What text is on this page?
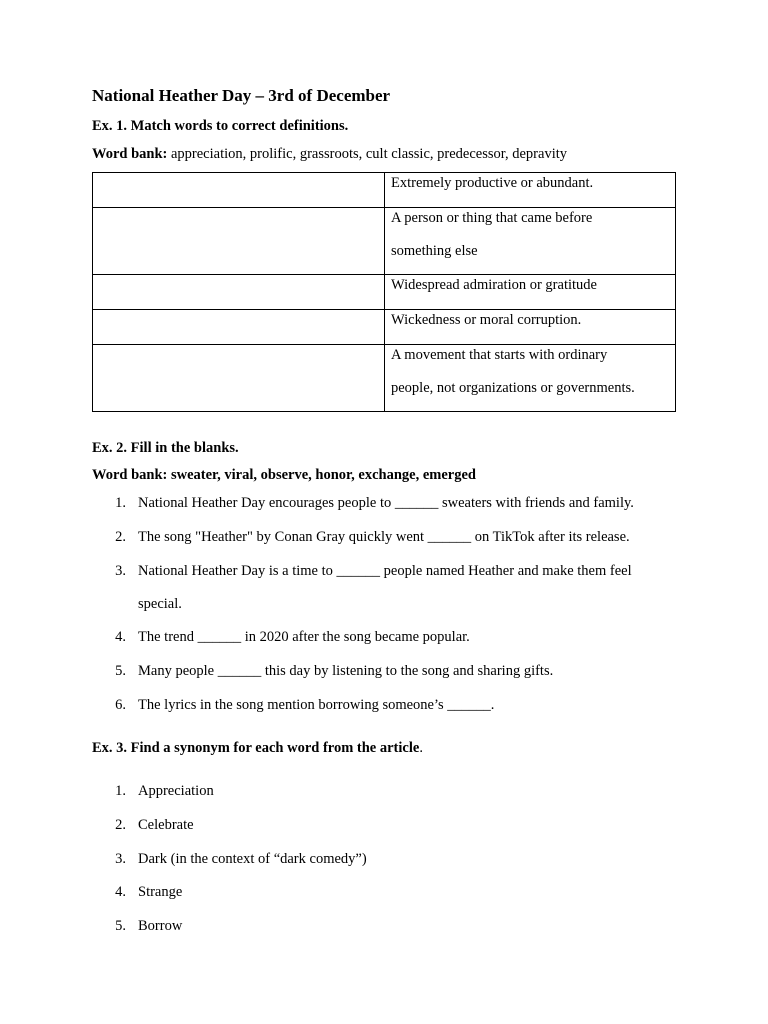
National Heather Day – 3rd of December
Ex. 1. Match words to correct definitions.
Word bank: appreciation, prolific, grassroots, cult classic, predecessor, depravity

	Extremely productive or abundant.

	A person or thing that came before
something else

	Widespread admiration or gratitude

	Wickedness or moral corruption.

	A movement that starts with ordinary
people, not organizations or governments.
Ex. 2. Fill in the blanks.
Word bank: sweater, viral, observe, honor, exchange, emerged
1. National Heather Day encourages people to ______ sweaters with friends and family.
2. The song "Heather" by Conan Gray quickly went ______ on TikTok after its release.
3. National Heather Day is a time to ______ people named Heather and make them feel
special.
4. The trend ______ in 2020 after the song became popular.
5. Many people ______ this day by listening to the song and sharing gifts.
6. The lyrics in the song mention borrowing someone’s ______.
Ex. 3. Find a synonym for each word from the article.
1. Appreciation
2. Celebrate
3. Dark (in the context of “dark comedy”)
4. Strange
5. Borrow
